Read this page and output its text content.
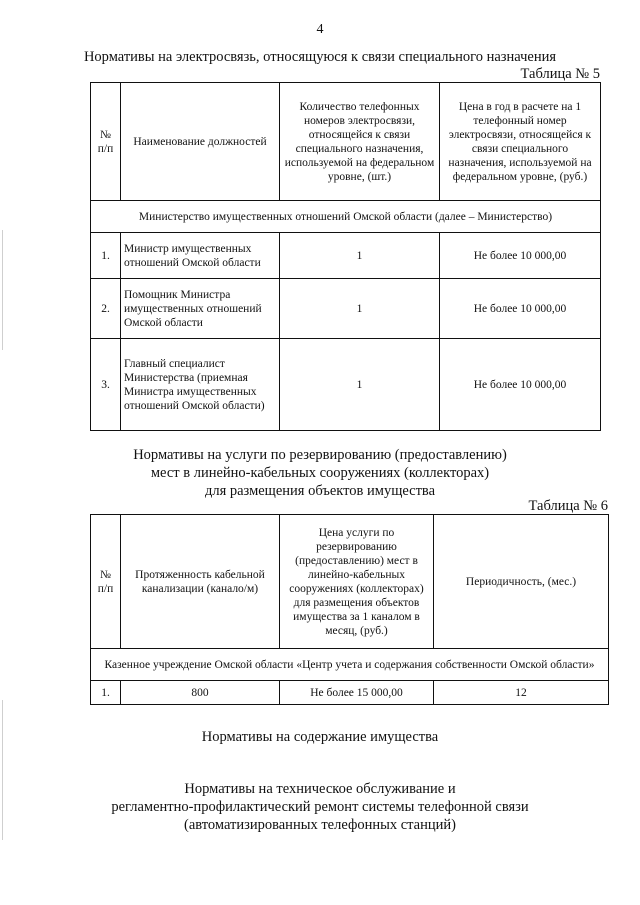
4
Нормативы на электросвязь, относящуюся к связи специального назначения
Таблица № 5
№ п/п	Наименование должностей	Количество телефонных номеров электросвязи, относящейся к связи специального назначения, используемой на федеральном уровне, (шт.)	Цена в год в расчете на 1 телефонный номер электросвязи, относящейся к связи специального назначения, используемой на федеральном уровне, (руб.)
Министерство имущественных отношений Омской области (далее – Министерство)			
1.	Министр имущественных отношений Омской области	1	Не более 10 000,00
2.	Помощник Министра имущественных отношений Омской области	1	Не более 10 000,00
3.	Главный специалист Министерства (приемная Министра имущественных отношений Омской области)	1	Не более 10 000,00
Нормативы на услуги по резервированию (предоставлению)
мест в линейно-кабельных сооружениях (коллекторах)
для размещения объектов имущества
Таблица № 6
№ п/п	Протяженность кабельной канализации (канало/м)	Цена услуги по резервированию (предоставлению) мест в линейно-кабельных сооружениях (коллекторах) для размещения объектов имущества за 1 каналом в месяц, (руб.)	Периодичность, (мес.)
Казенное учреждение Омской области «Центр учета и содержания собственности Омской области»			
1.	800	Не более 15 000,00	12
Нормативы на содержание имущества
Нормативы на техническое обслуживание и
регламентно-профилактический ремонт системы телефонной связи
(автоматизированных телефонных станций)
